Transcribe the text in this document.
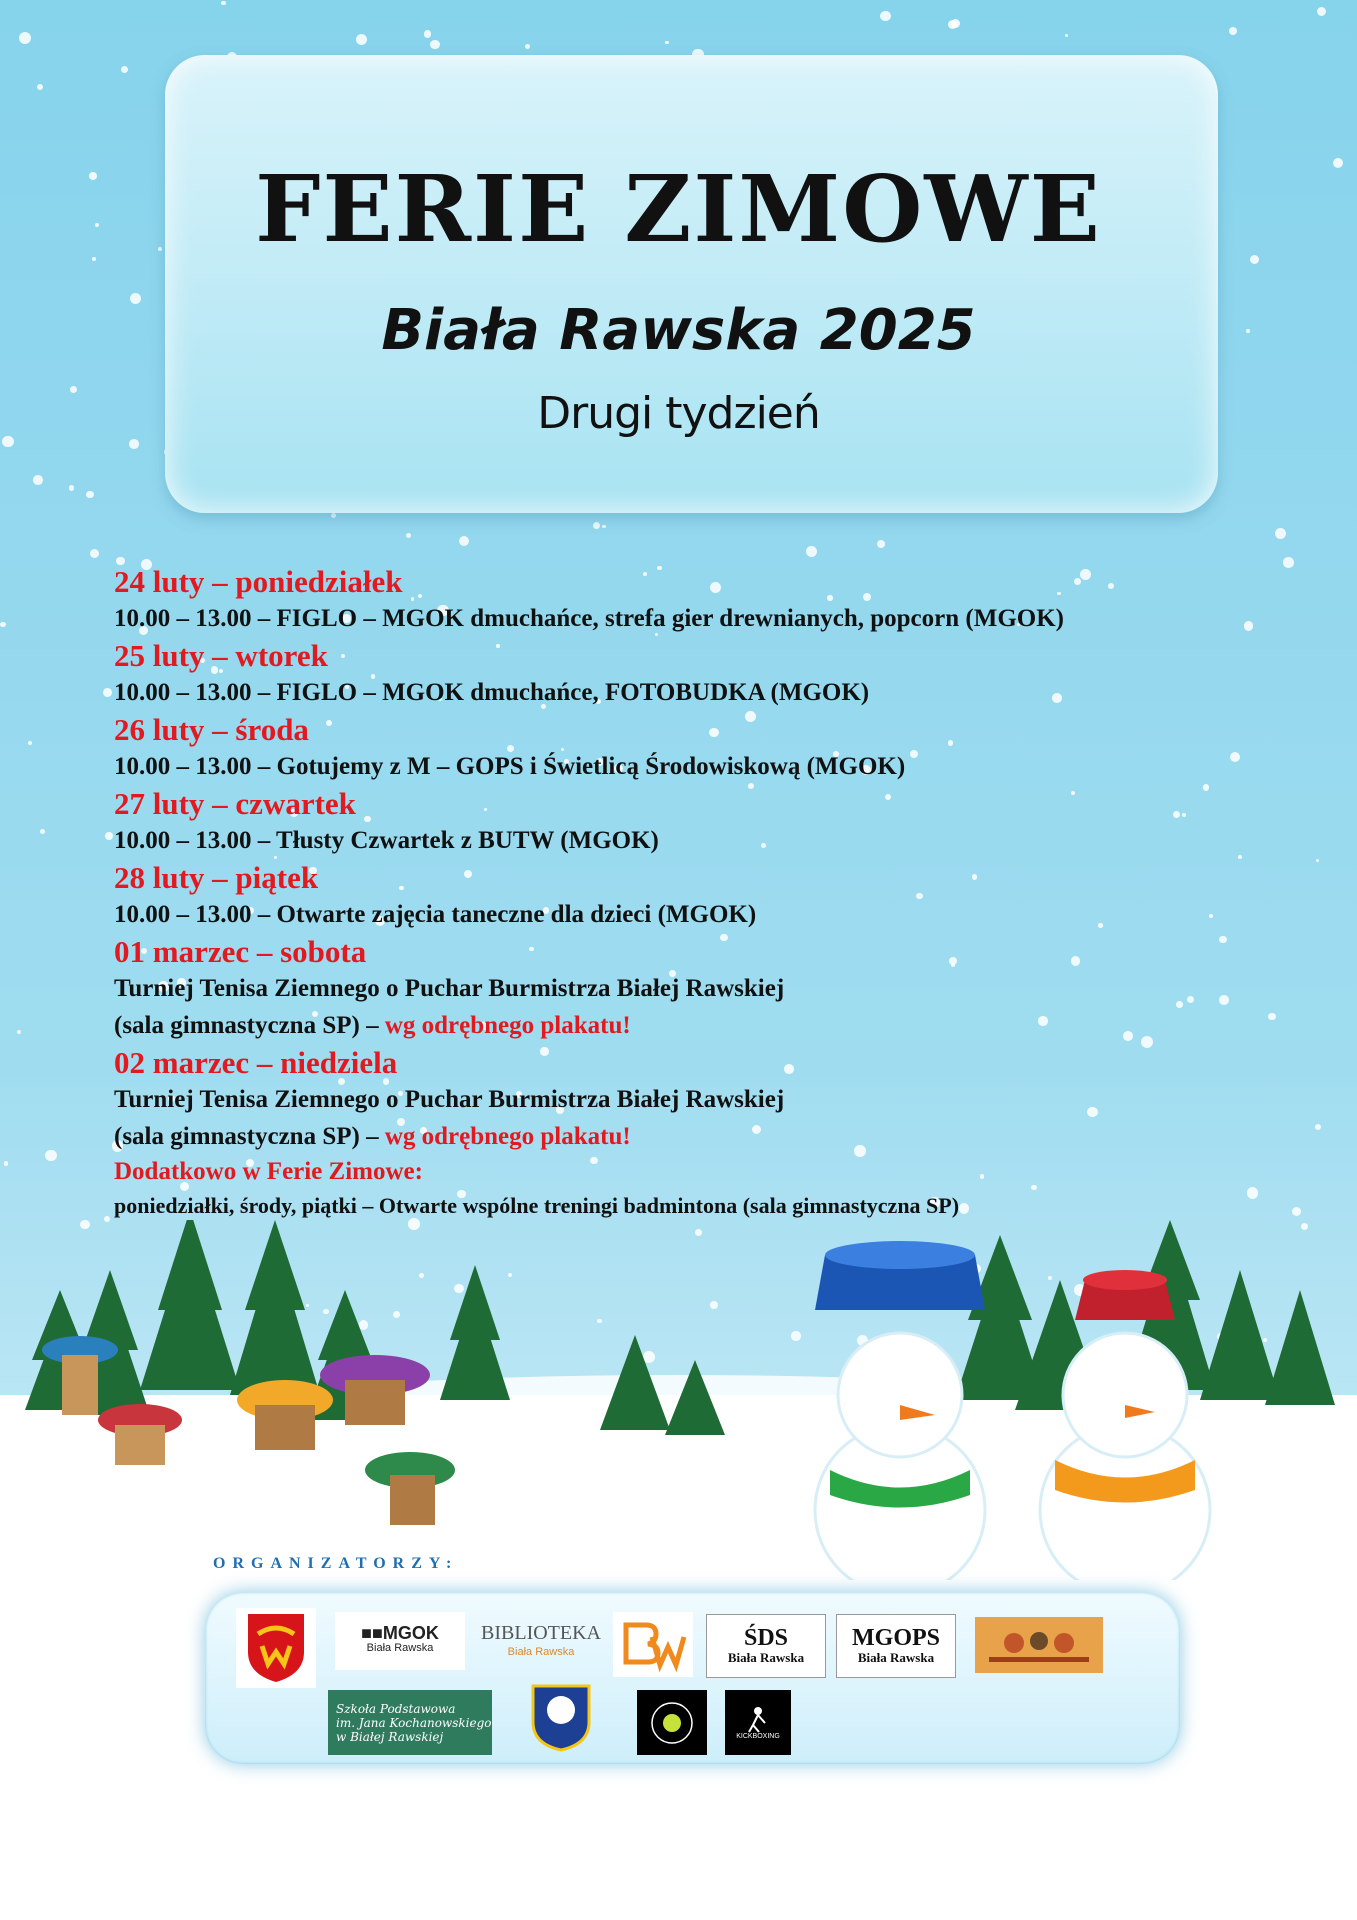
FERIE ZIMOWE
Biała Rawska 2025
Drugi tydzień
24 luty – poniedziałek
10.00 – 13.00 – FIGLO – MGOK dmuchańce, strefa gier drewnianych, popcorn (MGOK)
25 luty – wtorek
10.00 – 13.00 – FIGLO – MGOK dmuchańce, FOTOBUDKA (MGOK)
26 luty – środa
10.00 – 13.00 – Gotujemy z M – GOPS i Świetlicą Środowiskową (MGOK)
27 luty – czwartek
10.00 – 13.00 – Tłusty Czwartek z BUTW (MGOK)
28 luty – piątek
10.00 – 13.00 – Otwarte zajęcia taneczne dla dzieci (MGOK)
01 marzec – sobota
Turniej Tenisa Ziemnego o Puchar Burmistrza Białej Rawskiej
(sala gimnastyczna SP) – wg odrębnego plakatu!
02 marzec – niedziela
Turniej Tenisa Ziemnego o Puchar Burmistrza Białej Rawskiej
(sala gimnastyczna SP) – wg odrębnego plakatu!
Dodatkowo w Ferie Zimowe:
poniedziałki, środy, piątki – Otwarte wspólne treningi badmintona (sala gimnastyczna SP)
ORGANIZATORZY:
■■MGOK
Biała Rawska
BIBLIOTEKA
Biała Rawska
ŚDS
Biała Rawska
MGOPS
Biała Rawska
Szkoła Podstawowa
im. Jana Kochanowskiego
w Białej Rawskiej	KICKBOXING
